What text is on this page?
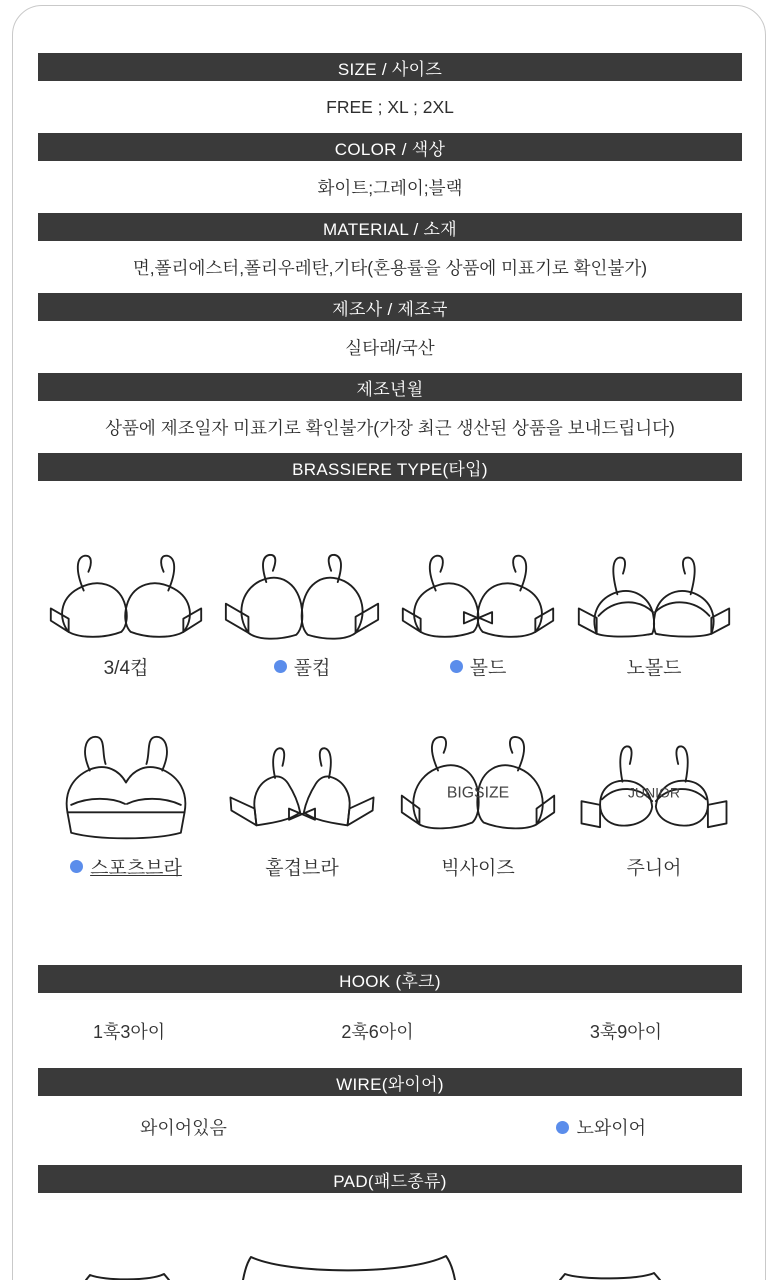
SIZE / 사이즈
FREE ; XL ; 2XL
COLOR / 색상
화이트;그레이;블랙
MATERIAL / 소재
면,폴리에스터,폴리우레탄,기타(혼용률을 상품에 미표기로 확인불가)
제조사 / 제조국
실타래/국산
제조년월
상품에 제조일자 미표기로 확인불가(가장 최근 생산된 상품을 보내드립니다)
BRASSIERE TYPE(타입)
3/4컵	풀컵	몰드	노몰드
스포츠브라	홑겹브라
BIGSIZE
빅사이즈
JUNIOR
주니어
HOOK (후크)
1훅3아이	2훅6아이	3훅9아이
WIRE(와이어)
와이어있음	노와이어
PAD(패드종류)
